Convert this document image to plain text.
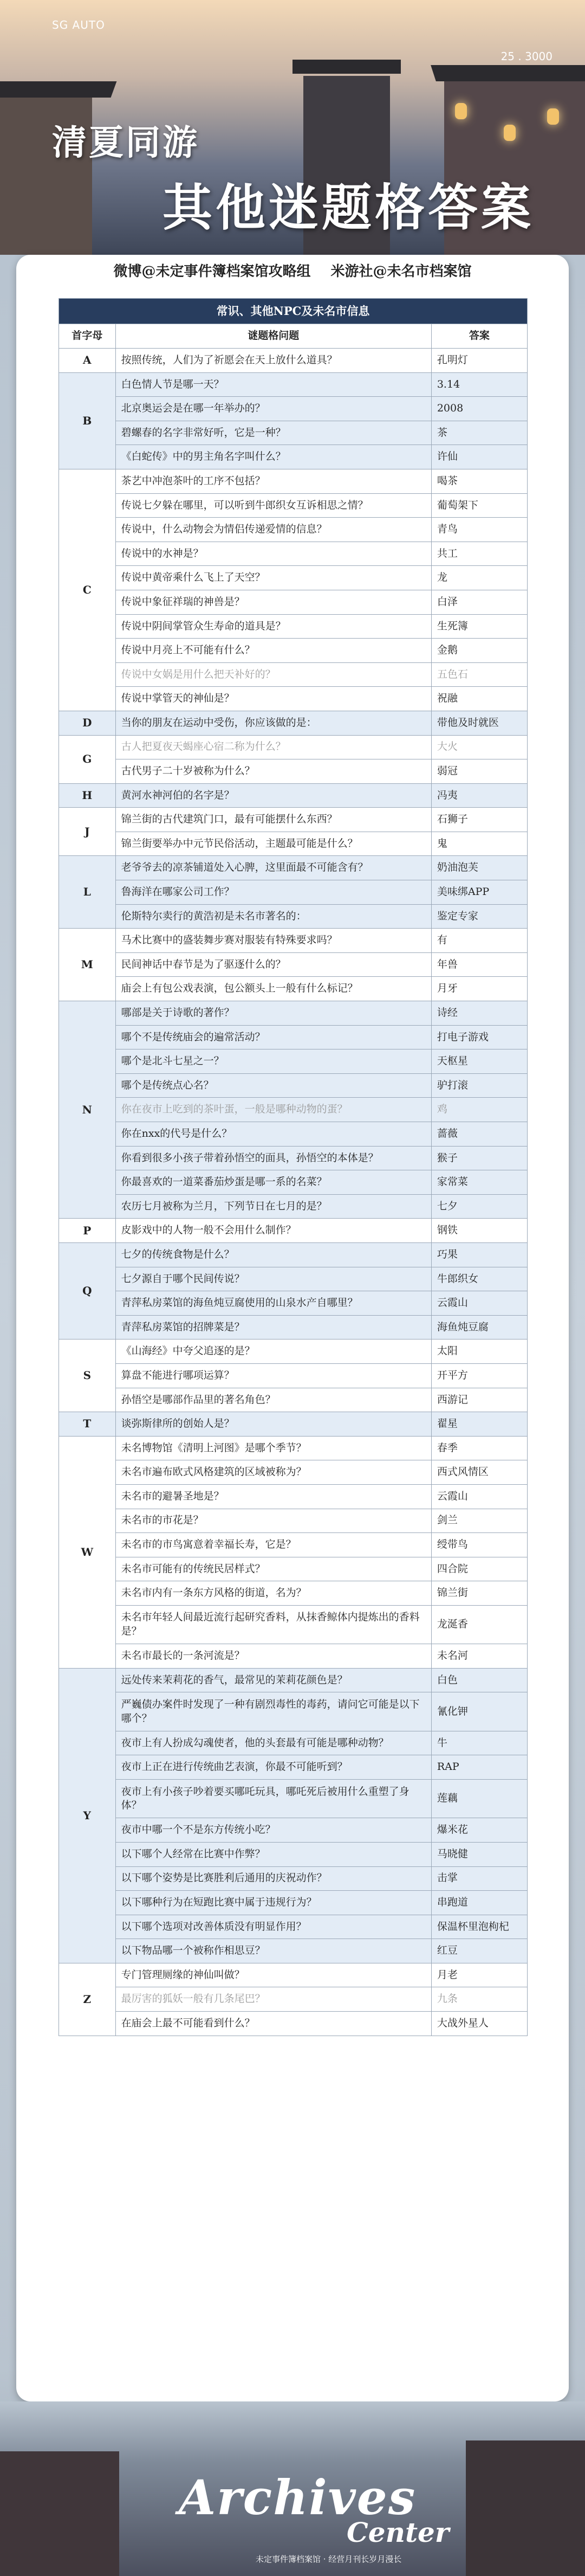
SG AUTO
25 . 3000
清夏同游
其他迷题格答案
微博@未定事件簿档案馆攻略组 米游社@未名市档案馆
常识、其他NPC及未名市信息		
首字母	谜题格问题	答案
A	按照传统，人们为了祈愿会在天上放什么道具？	孔明灯
B	白色情人节是哪一天？	3.14
	北京奥运会是在哪一年举办的？	2008
	碧螺春的名字非常好听，它是一种？	茶
	《白蛇传》中的男主角名字叫什么？	许仙
C	茶艺中冲泡茶叶的工序不包括？	喝茶
	传说七夕躲在哪里，可以听到牛郎织女互诉相思之情？	葡萄架下
	传说中，什么动物会为情侣传递爱情的信息？	青鸟
	传说中的水神是？	共工
	传说中黄帝乘什么飞上了天空？	龙
	传说中象征祥瑞的神兽是？	白泽
	传说中阴间掌管众生寿命的道具是？	生死簿
	传说中月亮上不可能有什么？	金鹅
	传说中女娲是用什么把天补好的？	五色石
	传说中掌管天的神仙是？	祝融
D	当你的朋友在运动中受伤，你应该做的是：	带他及时就医
G	古人把夏夜天蝎座心宿二称为什么？	大火
	古代男子二十岁被称为什么？	弱冠
H	黄河水神河伯的名字是？	冯夷
J	锦兰街的古代建筑门口，最有可能摆什么东西？	石狮子
	锦兰街要举办中元节民俗活动，主题最可能是什么？	鬼
L	老爷爷去的凉茶铺道处入心脾，这里面最不可能含有？	奶油泡芙
	鲁海洋在哪家公司工作？	美味绑APP
	伦斯特尔卖行的黄浩初是未名市著名的：	鉴定专家
M	马术比赛中的盛装舞步赛对服装有特殊要求吗？	有
	民间神话中春节是为了驱逐什么的？	年兽
	庙会上有包公戏表演，包公额头上一般有什么标记？	月牙
N	哪部是关于诗歌的著作？	诗经
	哪个不是传统庙会的遍常活动？	打电子游戏
	哪个是北斗七星之一？	天枢星
	哪个是传统点心名？	驴打滚
	你在夜市上吃到的茶叶蛋，一般是哪种动物的蛋？	鸡
	你在nxx的代号是什么？	蔷薇
	你看到很多小孩子带着孙悟空的面具，孙悟空的本体是？	猴子
	你最喜欢的一道菜番茄炒蛋是哪一系的名菜？	家常菜
	农历七月被称为兰月，下列节日在七月的是？	七夕
P	皮影戏中的人物一般不会用什么制作？	钢铁
Q	七夕的传统食物是什么？	巧果
	七夕源自于哪个民间传说？	牛郎织女
	青萍私房菜馆的海鱼炖豆腐使用的山泉水产自哪里？	云霞山
	青萍私房菜馆的招牌菜是？	海鱼炖豆腐
S	《山海经》中夸父追逐的是？	太阳
	算盘不能进行哪项运算？	开平方
	孙悟空是哪部作品里的著名角色？	西游记
T	谈弥斯律所的创始人是？	翟星
W	未名博物馆《清明上河图》是哪个季节？	春季
	未名市遍布欧式风格建筑的区域被称为？	西式风情区
	未名市的避暑圣地是？	云霞山
	未名市的市花是？	剑兰
	未名市的市鸟寓意着幸福长寿，它是？	绶带鸟
	未名市可能有的传统民居样式？	四合院
	未名市内有一条东方风格的街道，名为？	锦兰街
	未名市年轻人间最近流行起研究香料，从抹香鲸体内提炼出的香料是？	龙涎香
	未名市最长的一条河流是？	未名河
Y	远处传来茉莉花的香气，最常见的茉莉花颜色是？	白色
	严巍债办案件时发现了一种有剧烈毒性的毒药，请问它可能是以下哪个？	氰化钾
	夜市上有人扮成勾魂使者，他的头套最有可能是哪种动物？	牛
	夜市上正在进行传统曲艺表演，你最不可能听到？	RAP
	夜市上有小孩子吵着要买哪吒玩具，哪吒死后被用什么重塑了身体？	莲藕
	夜市中哪一个不是东方传统小吃？	爆米花
	以下哪个人经常在比赛中作弊？	马晓健
	以下哪个姿势是比赛胜利后通用的庆祝动作？	击掌
	以下哪种行为在短跑比赛中属于违规行为？	串跑道
	以下哪个选项对改善体质没有明显作用？	保温杯里泡枸杞
	以下物品哪一个被称作相思豆？	红豆
Z	专门管理厕缘的神仙叫做？	月老
	最厉害的狐妖一般有几条尾巴？	九条
	在庙会上最不可能看到什么？	大战外星人
Archives
Center
未定事件簿档案馆 · 经营月刊长岁月漫长
